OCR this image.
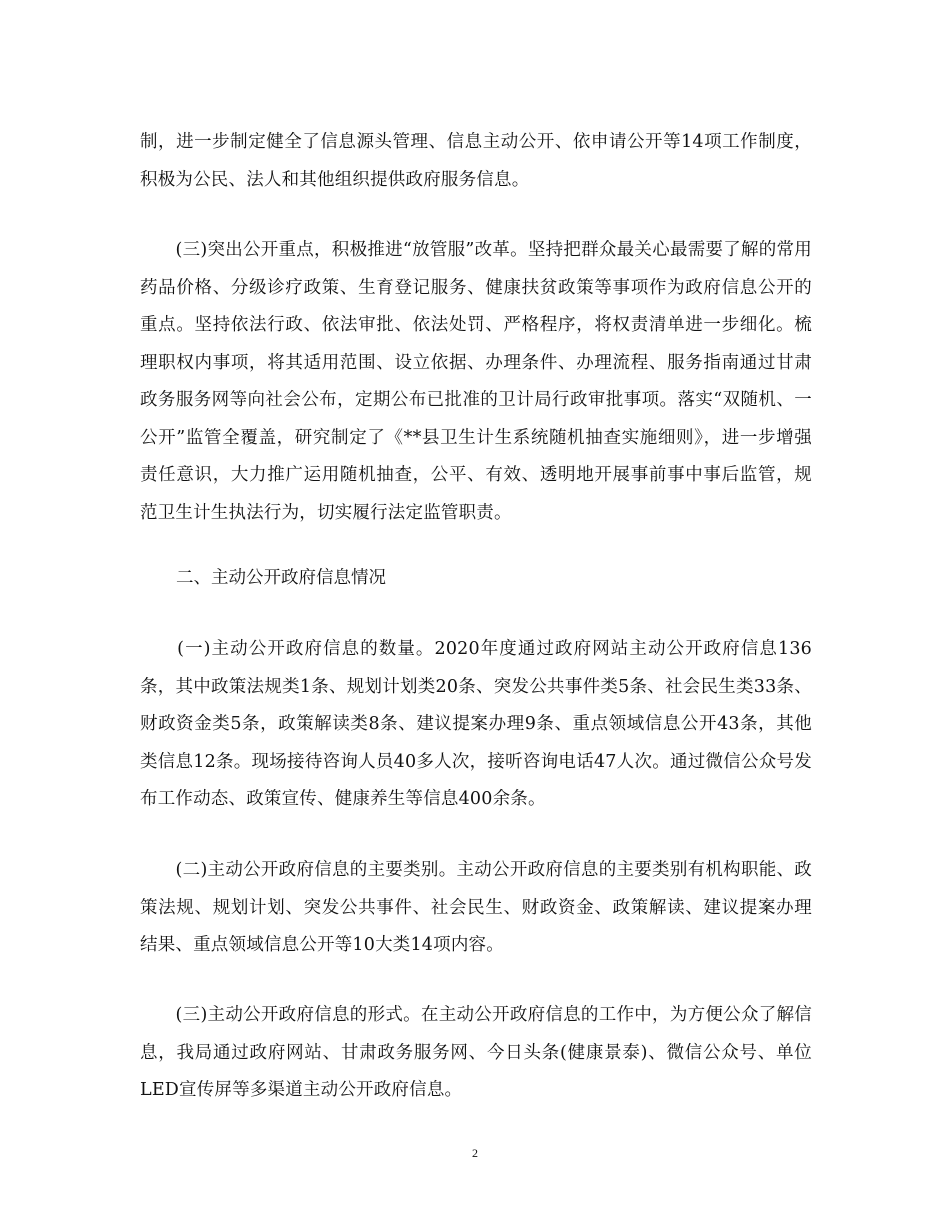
制，进一步制定健全了信息源头管理、信息主动公开、依申请公开等14项工作制度，积极为公民、法人和其他组织提供政府服务信息。

　　(三)突出公开重点，积极推进“放管服”改革。坚持把群众最关心最需要了解的常用药品价格、分级诊疗政策、生育登记服务、健康扶贫政策等事项作为政府信息公开的重点。坚持依法行政、依法审批、依法处罚、严格程序，将权责清单进一步细化。梳理职权内事项，将其适用范围、设立依据、办理条件、办理流程、服务指南通过甘肃政务服务网等向社会公布，定期公布已批准的卫计局行政审批事项。落实“双随机、一公开”监管全覆盖，研究制定了《**县卫生计生系统随机抽查实施细则》，进一步增强责任意识，大力推广运用随机抽查，公平、有效、透明地开展事前事中事后监管，规范卫生计生执法行为，切实履行法定监管职责。

二、主动公开政府信息情况

　　(一)主动公开政府信息的数量。2020年度通过政府网站主动公开政府信息136条，其中政策法规类1条、规划计划类20条、突发公共事件类5条、社会民生类33条、财政资金类5条，政策解读类8条、建议提案办理9条、重点领域信息公开43条，其他类信息12条。现场接待咨询人员40多人次，接听咨询电话47人次。通过微信公众号发布工作动态、政策宣传、健康养生等信息400余条。

　　(二)主动公开政府信息的主要类别。主动公开政府信息的主要类别有机构职能、政策法规、规划计划、突发公共事件、社会民生、财政资金、政策解读、建议提案办理结果、重点领域信息公开等10大类14项内容。

　　(三)主动公开政府信息的形式。在主动公开政府信息的工作中，为方便公众了解信息，我局通过政府网站、甘肃政务服务网、今日头条(健康景泰)、微信公众号、单位LED宣传屏等多渠道主动公开政府信息。

2
